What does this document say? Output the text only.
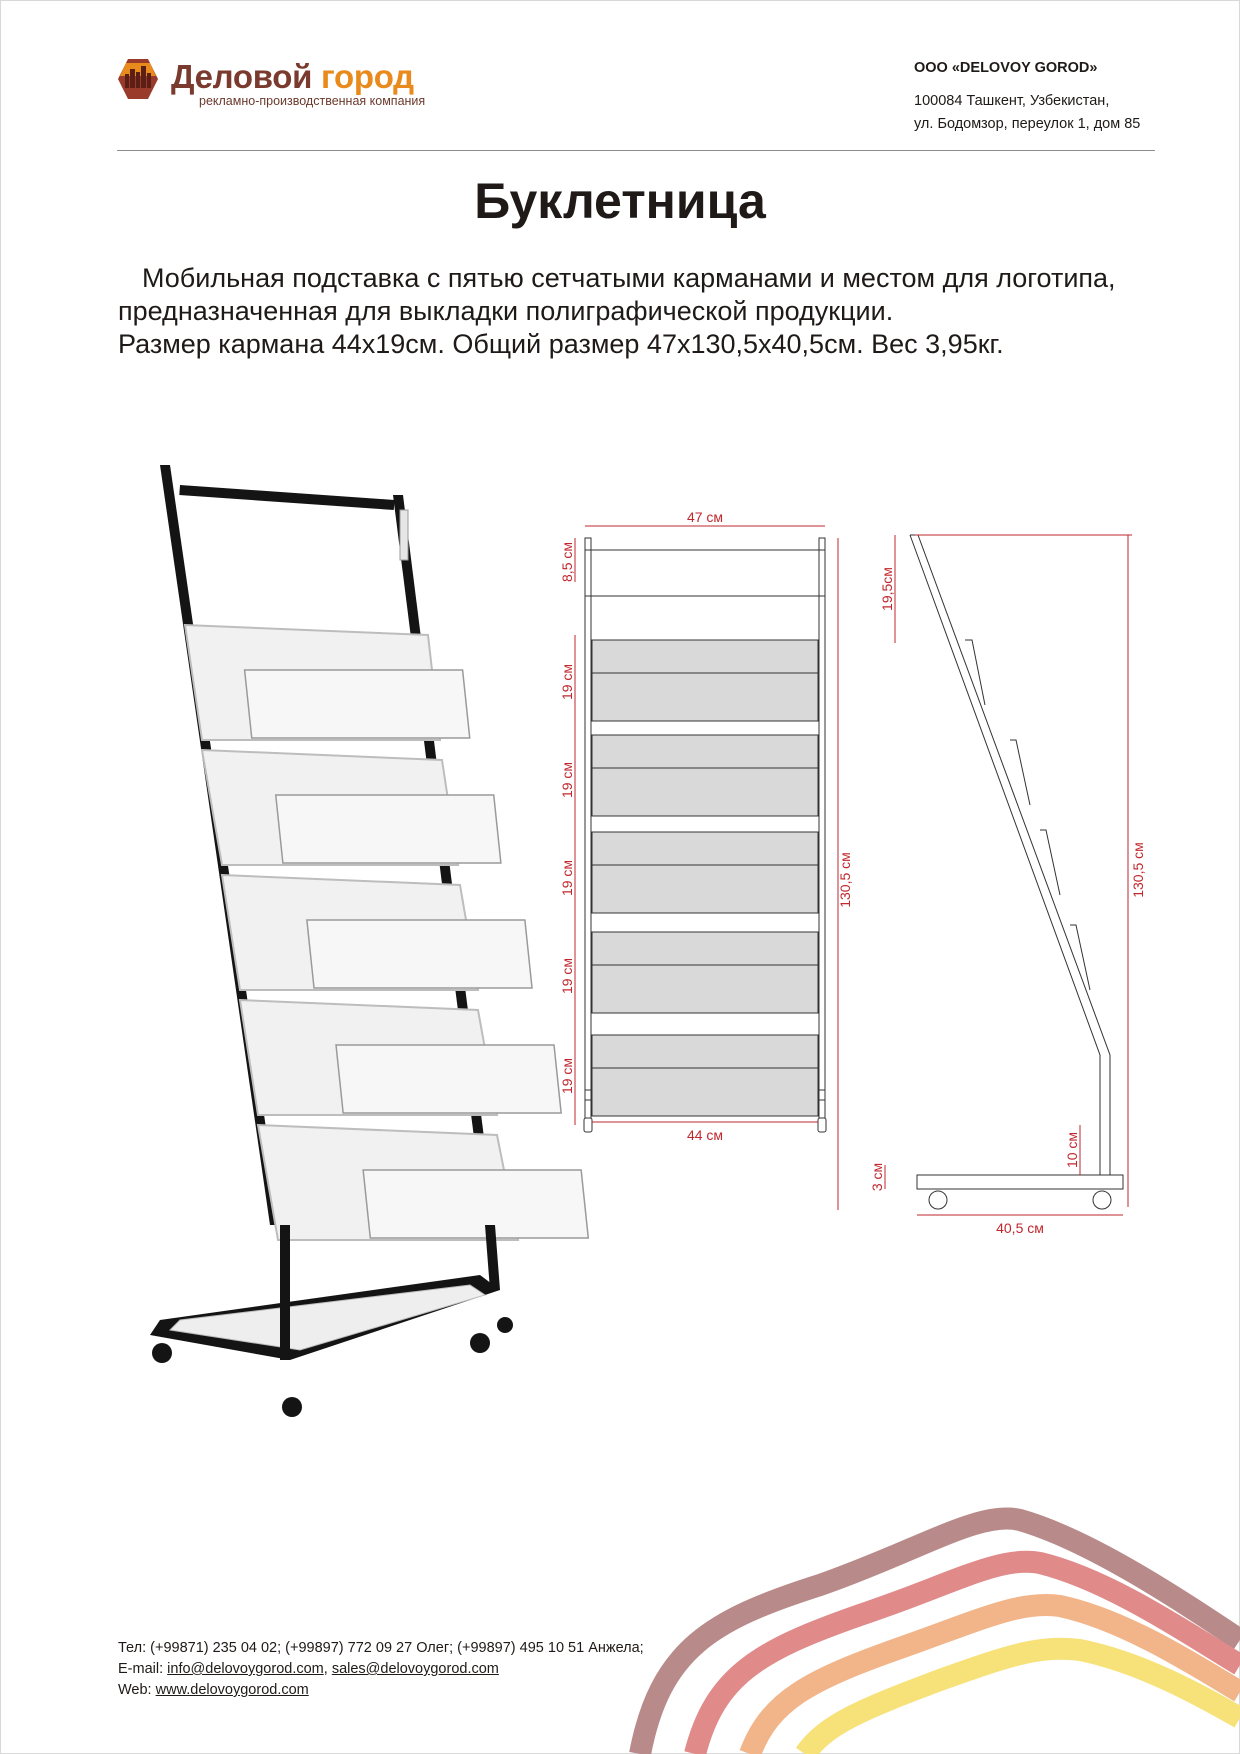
Деловой город
рекламно-производственная компания
ООО «DELOVOY GOROD»
100084 Ташкент, Узбекистан,
ул. Бодомзор, переулок 1, дом 85
Буклетница

Мобильная подставка с пятью сетчатыми карманами и местом для логотипа,

предназначенная для выкладки полиграфической продукции.

Размер кармана 44х19см. Общий размер 47х130,5х40,5см. Вес 3,95кг.

47 см
8,5 см
19 см
19 см
19 см
19 см
19 см
130,5 см
44 см
19,5см
130,5 см
10 см
3 см
40,5 см
Тел: (+99871) 235 04 02; (+99897) 772 09 27 Олег; (+99897) 495 10 51 Анжела;
E-mail: info@delovoygorod.com, sales@delovoygorod.com
Web: www.delovoygorod.com
